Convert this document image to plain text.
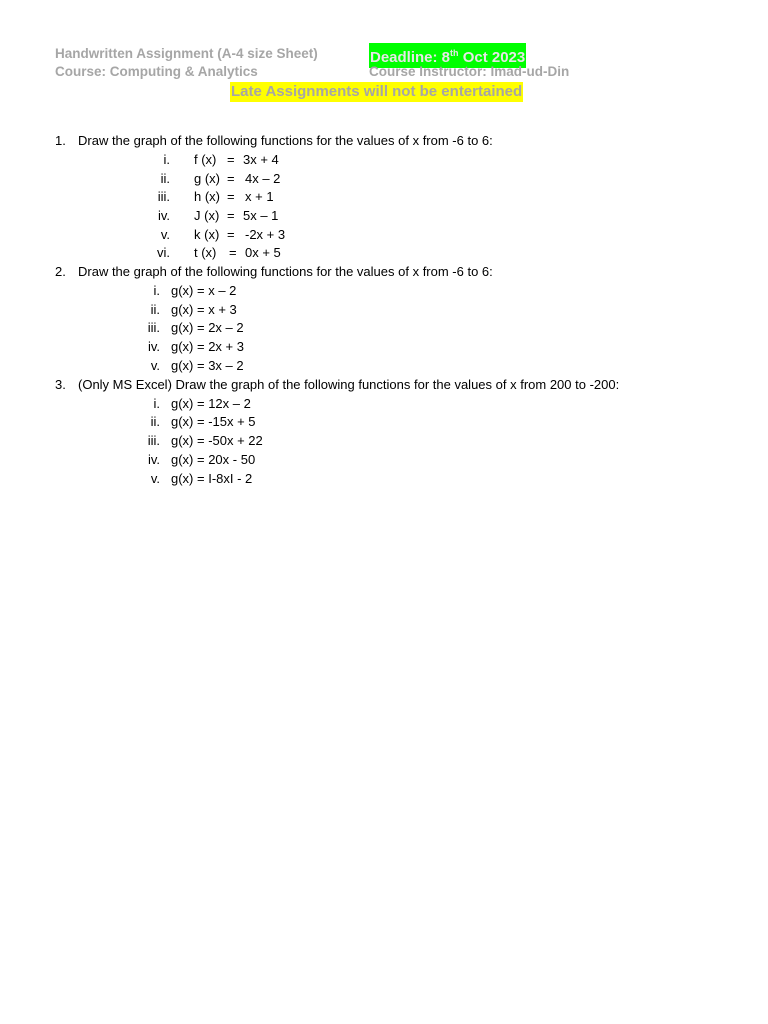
Handwritten Assignment (A-4 size Sheet)
Course: Computing & Analytics
Deadline: 8th Oct 2023
Course Instructor: Imad-ud-Din
Late Assignments will not be entertained
1. Draw the graph of the following functions for the values of x from -6 to 6:
i. f (x) = 3x + 4
ii. g (x) = 4x – 2
iii. h (x) = x + 1
iv. J (x) = 5x – 1
v. k (x) = -2x + 3
vi. t (x) = 0x + 5
2. Draw the graph of the following functions for the values of x from -6 to 6:
i. g(x) = x – 2
ii. g(x) = x + 3
iii. g(x) = 2x – 2
iv. g(x) = 2x + 3
v. g(x) = 3x – 2
3. (Only MS Excel) Draw the graph of the following functions for the values of x from 200 to -200:
i. g(x) = 12x – 2
ii. g(x) = -15x + 5
iii. g(x) = -50x + 22
iv. g(x) = 20x - 50
v. g(x) = I-8xI - 2
